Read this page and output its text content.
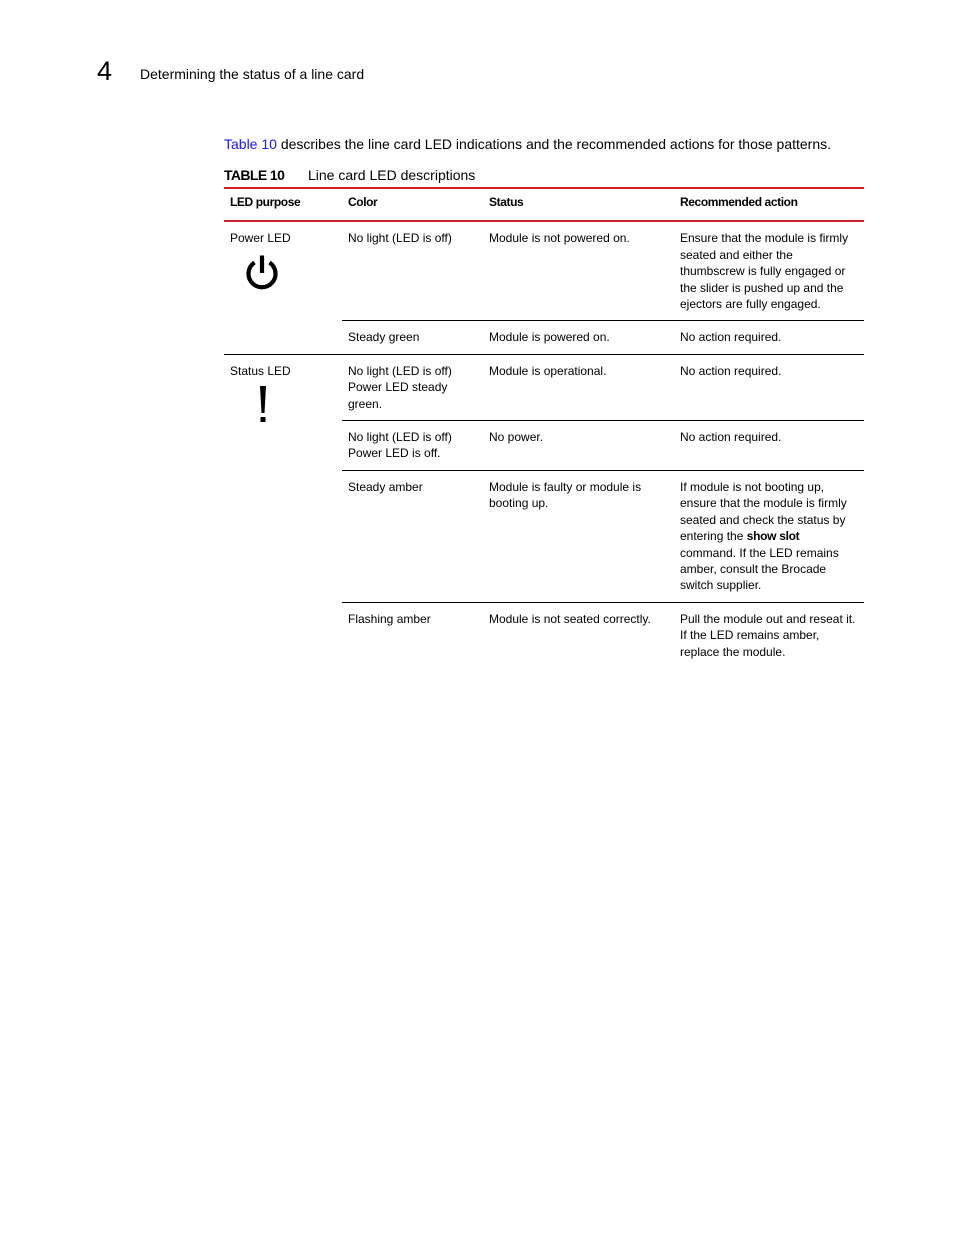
4 Determining the status of a line card
Table 10 describes the line card LED indications and the recommended actions for those patterns.
TABLE 10 Line card LED descriptions
LED purpose	Color	Status	Recommended action

Power LED	No light (LED is off)	Module is not powered on.	Ensure that the module is firmly seated and either the thumbscrew is fully engaged or the slider is pushed up and the ejectors are fully engaged.
	Steady green	Module is powered on.	No action required.

Status LED	No light (LED is off) Power LED steady green.	Module is operational.	No action required.
	No light (LED is off) Power LED is off.	No power.	No action required.
	Steady amber	Module is faulty or module is booting up.	If module is not booting up, ensure that the module is firmly seated and check the status by entering the show slot command. If the LED remains amber, consult the Brocade switch supplier.
	Flashing amber	Module is not seated correctly.	Pull the module out and reseat it. If the LED remains amber, replace the module.
